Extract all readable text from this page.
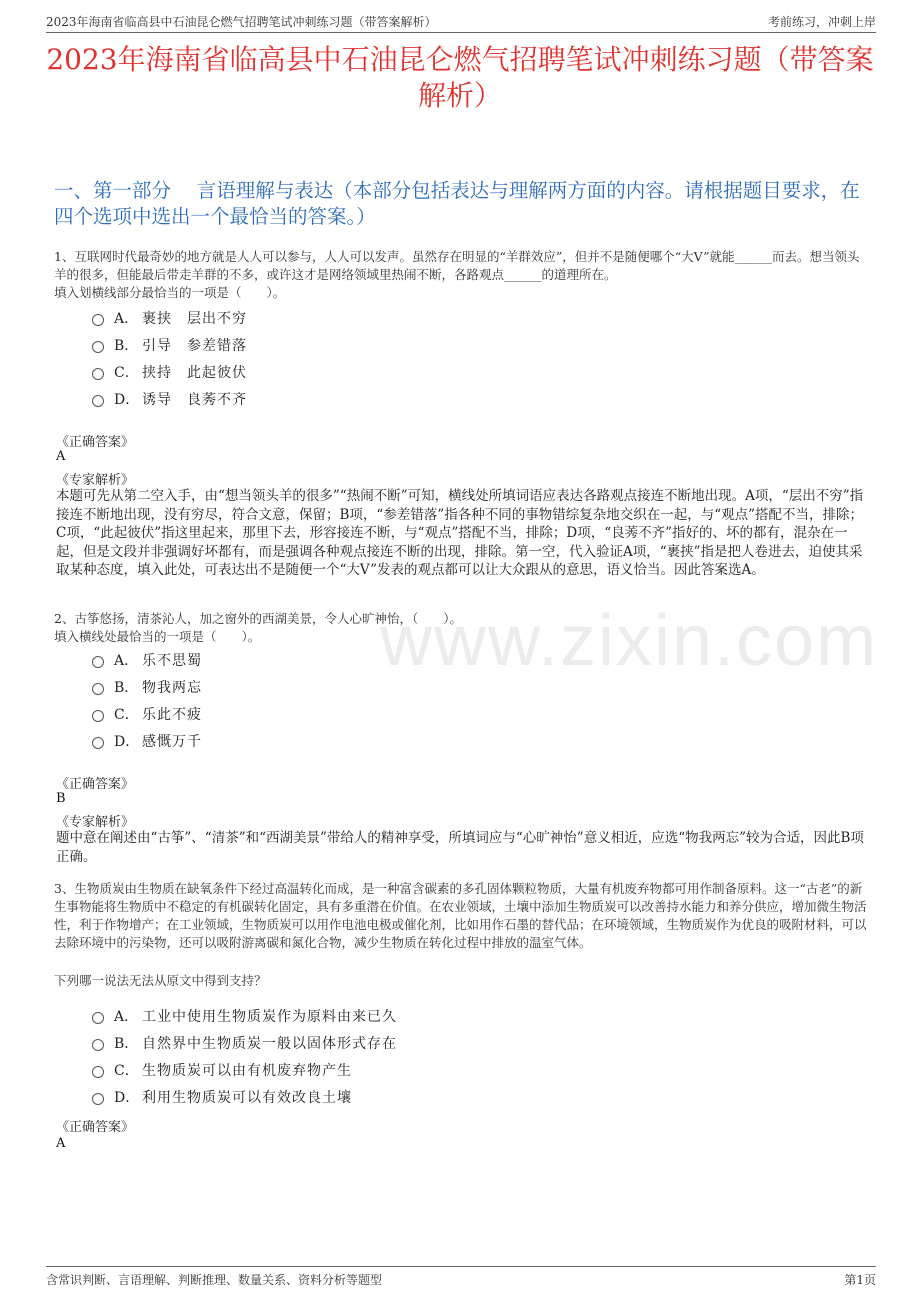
www.zixin.com
2023年海南省临高县中石油昆仑燃气招聘笔试冲刺练习题（带答案解析）	考前练习，冲刺上岸
2023年海南省临高县中石油昆仑燃气招聘笔试冲刺练习题（带答案解析）
一、第一部分　 言语理解与表达（本部分包括表达与理解两方面的内容。请根据题目要求，在四个选项中选出一个最恰当的答案。）

1、互联网时代最奇妙的地方就是人人可以参与，人人可以发声。虽然存在明显的“羊群效应”，但并不是随便哪个“大V”就能______而去。想当领头羊的很多，但能最后带走羊群的不多，或许这才是网络领域里热闹不断，各路观点______的道理所在。

填入划横线部分最恰当的一项是（　　）。

A． 裹挟　层出不穷
B． 引导　参差错落
C． 挟持　此起彼伏
D． 诱导　良莠不齐
《正确答案》
A
《专家解析》
本题可先从第二空入手，由“想当领头羊的很多”“热闹不断”可知，横线处所填词语应表达各路观点接连不断地出现。A项，“层出不穷”指接连不断地出现，没有穷尽，符合文意，保留；B项，“参差错落”指各种不同的事物错综复杂地交织在一起，与“观点”搭配不当，排除；C项，“此起彼伏”指这里起来，那里下去，形容接连不断，与“观点”搭配不当，排除；D项，“良莠不齐”指好的、坏的都有，混杂在一起，但是文段并非强调好坏都有，而是强调各种观点接连不断的出现，排除。第一空，代入验证A项，“裹挟”指是把人卷进去，迫使其采取某种态度，填入此处，可表达出不是随便一个“大V”发表的观点都可以让大众跟从的意思，语义恰当。因此答案选A。

2、古筝悠扬，清茶沁人，加之窗外的西湖美景，令人心旷神怡，（　　）。

填入横线处最恰当的一项是（　　）。

A． 乐不思蜀
B． 物我两忘
C． 乐此不疲
D． 感慨万千
《正确答案》
B
《专家解析》
题中意在阐述由“古筝”、“清茶”和“西湖美景”带给人的精神享受，所填词应与“心旷神怡”意义相近，应选“物我两忘”较为合适，因此B项正确。

3、生物质炭由生物质在缺氧条件下经过高温转化而成，是一种富含碳素的多孔固体颗粒物质，大量有机废弃物都可用作制备原料。这一“古老”的新生事物能将生物质中不稳定的有机碳转化固定，具有多重潜在价值。在农业领域，土壤中添加生物质炭可以改善持水能力和养分供应，增加微生物活性，利于作物增产；在工业领域，生物质炭可以用作电池电极或催化剂，比如用作石墨的替代品；在环境领域，生物质炭作为优良的吸附材料，可以去除环境中的污染物，还可以吸附游离碳和氮化合物，减少生物质在转化过程中排放的温室气体。

下列哪一说法无法从原文中得到支持？

A． 工业中使用生物质炭作为原料由来已久
B． 自然界中生物质炭一般以固体形式存在
C． 生物质炭可以由有机废弃物产生
D． 利用生物质炭可以有效改良土壤
《正确答案》
A
含常识判断、言语理解、判断推理、数量关系、资料分析等题型	第1页
